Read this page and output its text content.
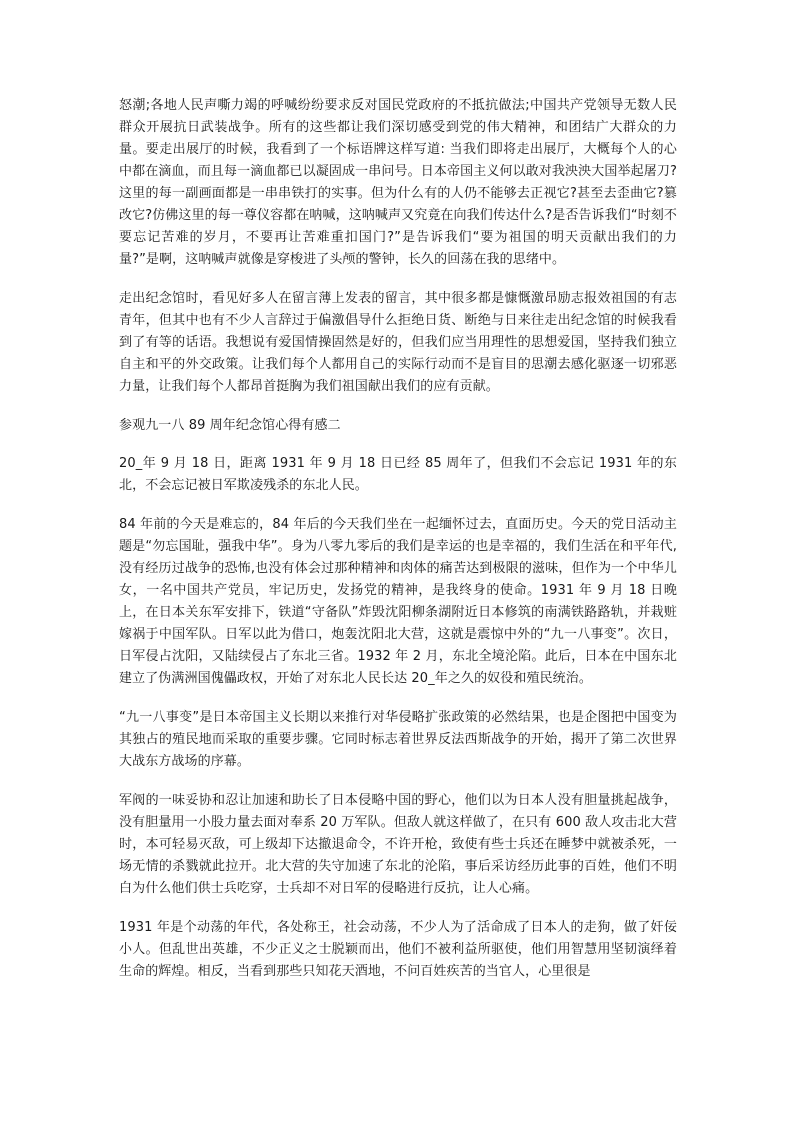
怒潮;各地人民声嘶力竭的呼喊纷纷要求反对国民党政府的不抵抗做法;中国共产党领导无数人民群众开展抗日武装战争。所有的这些都让我们深切感受到党的伟大精神，和团结广大群众的力量。要走出展厅的时候，我看到了一个标语牌这样写道: 当我们即将走出展厅，大概每个人的心中都在滴血，而且每一滴血都已以凝固成一串问号。日本帝国主义何以敢对我泱泱大国举起屠刀?这里的每一副画面都是一串串铁打的实事。但为什么有的人仍不能够去正视它?甚至去歪曲它?篡改它?仿佛这里的每一尊仪容都在呐喊，这呐喊声又究竟在向我们传达什么?是否告诉我们“时刻不要忘记苦难的岁月，不要再让苦难重扣国门?”是告诉我们“要为祖国的明天贡献出我们的力量?”是啊，这呐喊声就像是穿梭进了头颅的警钟，长久的回荡在我的思绪中。

走出纪念馆时，看见好多人在留言薄上发表的留言，其中很多都是慷慨激昂励志报效祖国的有志青年，但其中也有不少人言辞过于偏激倡导什么拒绝日货、断绝与日来往走出纪念馆的时候我看到了有等的话语。我想说有爱国情操固然是好的，但我们应当用理性的思想爱国，坚持我们独立自主和平的外交政策。让我们每个人都用自己的实际行动而不是盲目的思潮去感化驱逐一切邪恶力量，让我们每个人都昂首挺胸为我们祖国献出我们的应有贡献。

参观九一八 89 周年纪念馆心得有感二

20_年 9 月 18 日，距离 1931 年 9 月 18 日已经 85 周年了，但我们不会忘记 1931 年的东北，不会忘记被日军欺凌残杀的东北人民。

84 年前的今天是难忘的，84 年后的今天我们坐在一起缅怀过去，直面历史。今天的党日活动主题是“勿忘国耻，强我中华”。身为八零九零后的我们是幸运的也是幸福的，我们生活在和平年代,没有经历过战争的恐怖,也没有体会过那种精神和肉体的痛苦达到极限的滋味，但作为一个中华儿女，一名中国共产党员，牢记历史，发扬党的精神，是我终身的使命。1931 年 9 月 18 日晚上，在日本关东军安排下，铁道“守备队”炸毁沈阳柳条湖附近日本修筑的南满铁路路轨，并栽赃嫁祸于中国军队。日军以此为借口，炮轰沈阳北大营，这就是震惊中外的“九一八事变”。次日，日军侵占沈阳，又陆续侵占了东北三省。1932 年 2 月，东北全境沦陷。此后，日本在中国东北建立了伪满洲国傀儡政权，开始了对东北人民长达 20_年之久的奴役和殖民统治。

“九一八事变”是日本帝国主义长期以来推行对华侵略扩张政策的必然结果，也是企图把中国变为其独占的殖民地而采取的重要步骤。它同时标志着世界反法西斯战争的开始，揭开了第二次世界大战东方战场的序幕。

军阀的一味妥协和忍让加速和助长了日本侵略中国的野心，他们以为日本人没有胆量挑起战争，没有胆量用一小股力量去面对奉系 20 万军队。但敌人就这样做了，在只有 600 敌人攻击北大营时，本可轻易灭敌，可上级却下达撤退命令，不许开枪，致使有些士兵还在睡梦中就被杀死，一场无情的杀戮就此拉开。北大营的失守加速了东北的沦陷，事后采访经历此事的百姓，他们不明白为什么他们供士兵吃穿，士兵却不对日军的侵略进行反抗，让人心痛。

1931 年是个动荡的年代，各处称王，社会动荡，不少人为了活命成了日本人的走狗，做了奸佞小人。但乱世出英雄，不少正义之士脱颖而出，他们不被利益所驱使，他们用智慧用坚韧演绎着生命的辉煌。相反，当看到那些只知花天酒地，不问百姓疾苦的当官人，心里很是
